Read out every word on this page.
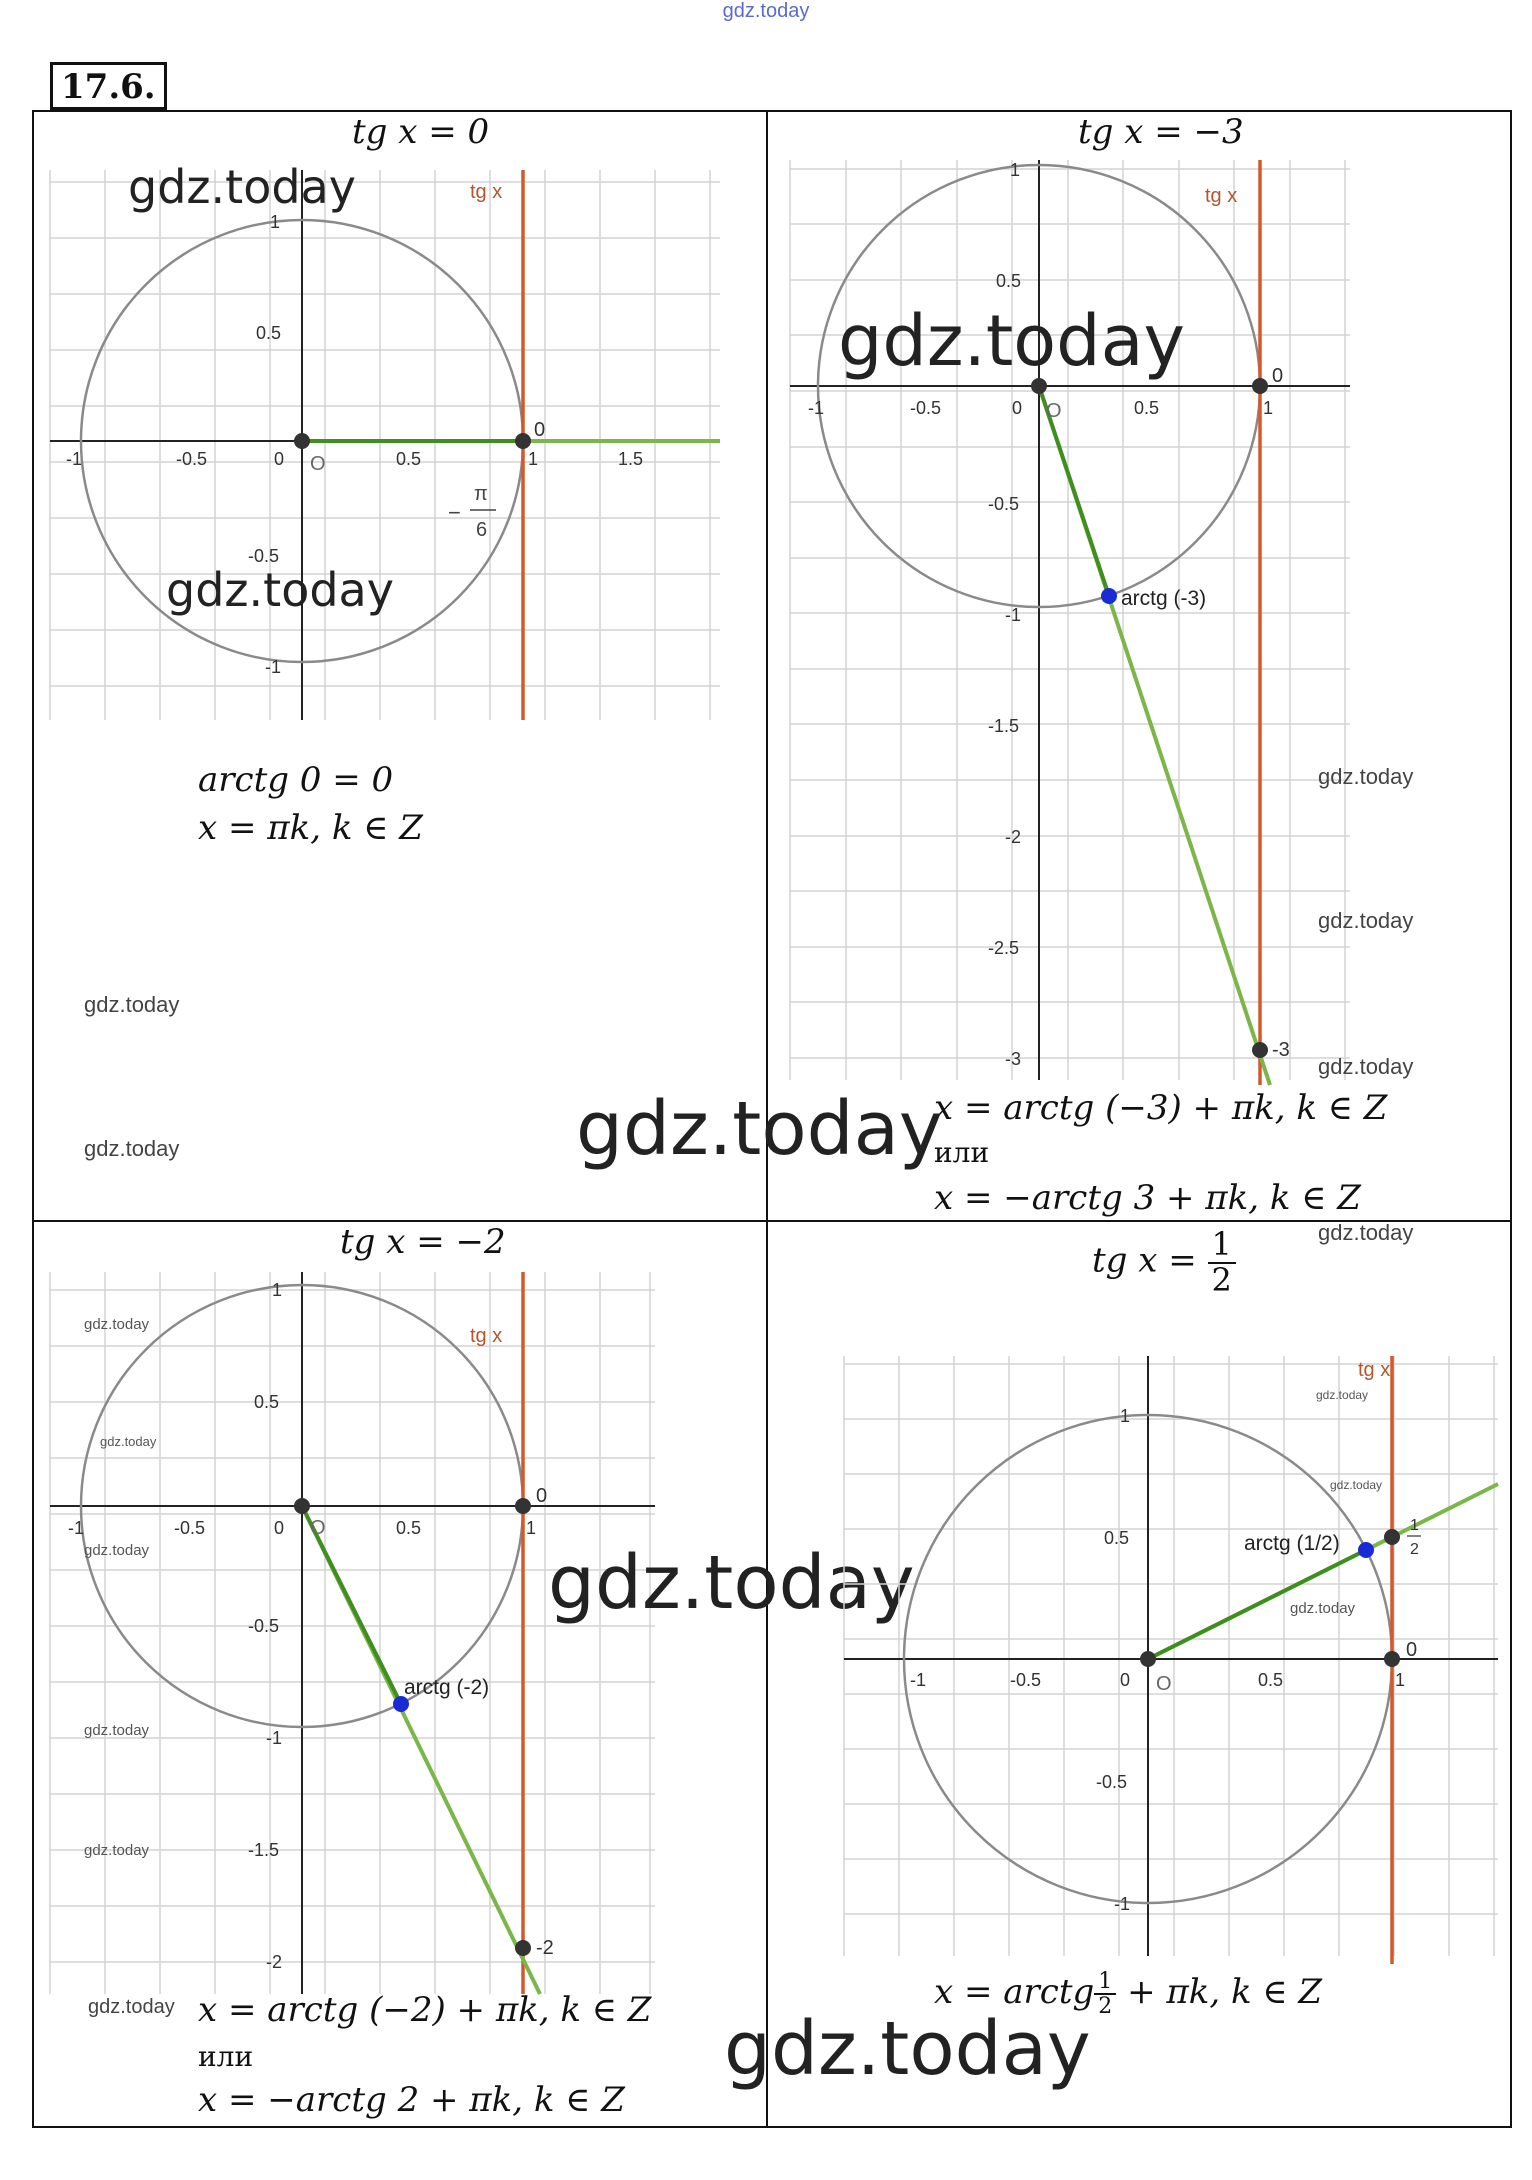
gdz.today
17.6.
tg x = 0
tg x
-1	-0.5	0	0.5	1	1.5
1
0.5
-0.5
-1
O
0
−
π
6
gdz.today
gdz.today
arctg 0 = 0
x = πk, k ∈ Z
gdz.today
gdz.today
tg x = −3
tg x
-1	-0.5	0	0.5	1
1
0.5
-0.5
-1
-1.5
-2
-2.5
-3
O
0
-3
arctg (-3)
gdz.today
gdz.today
gdz.today
gdz.today
x = arctg (−3) + πk, k ∈ Z
или
x = −arctg 3 + πk, k ∈ Z
gdz.today
gdz.today
tg x = −2
tg x
-1	-0.5	0	0.5	1
1
0.5
-0.5
-1
-1.5
-2
O
0
-2
arctg (-2)
gdz.today
gdz.today
gdz.today
gdz.today
gdz.today
gdz.today
gdz.today x = arctg (−2) + πk, k ∈ Z
или
x = −arctg 2 + πk, k ∈ Z
tg $x = \frac{1}{2}$
tg x
-1	-0.5	0	0.5	1
1
0.5
-0.5
-1
O
0
1
2
arctg (1/2)
gdz.today
gdz.today
gdz.today
x = arctg $\frac{1}{2} + \pi k$, k ∈ Z
gdz.today
